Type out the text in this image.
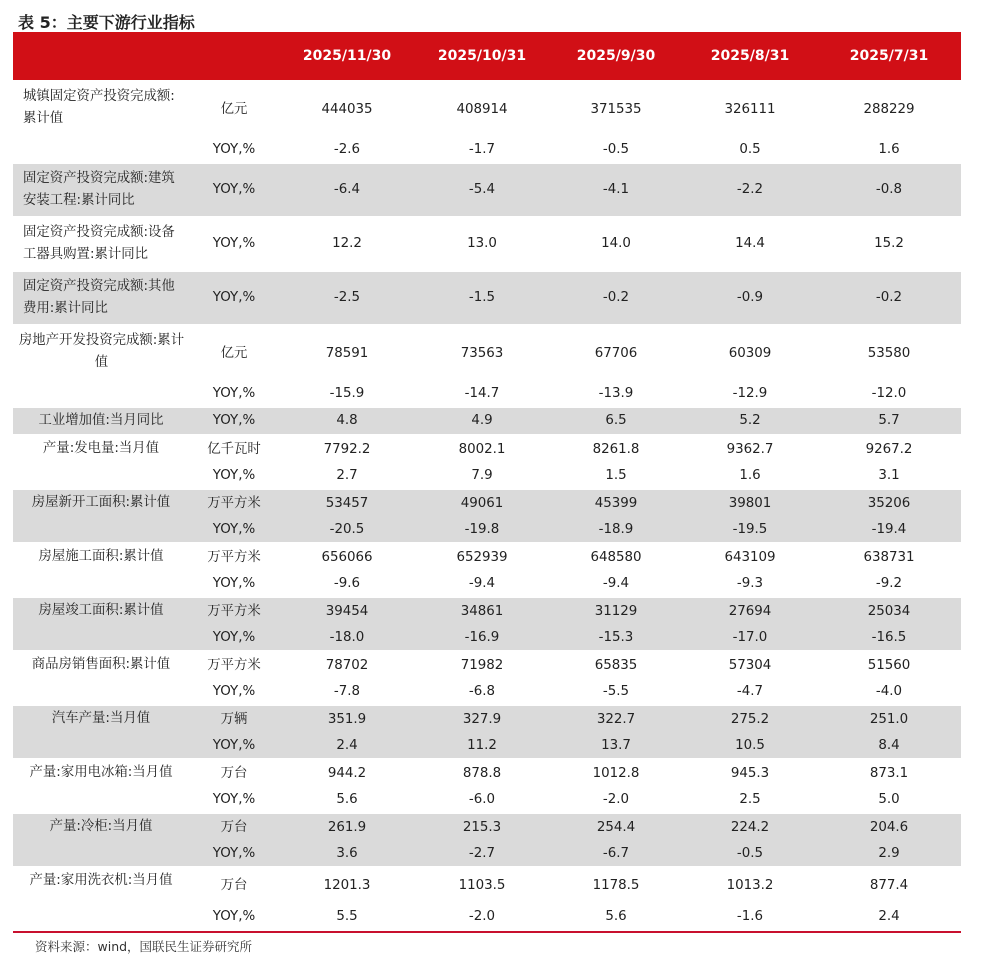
表 5：主要下游行业指标
		2025/11/30	2025/10/31	2025/9/30	2025/8/31	2025/7/31
城镇固定资产投资完成额:累计值	亿元	444035	408914	371535	326111	288229
	YOY,%	-2.6	-1.7	-0.5	0.5	1.6
固定资产投资完成额:建筑安装工程:累计同比	YOY,%	-6.4	-5.4	-4.1	-2.2	-0.8
固定资产投资完成额:设备工器具购置:累计同比	YOY,%	12.2	13.0	14.0	14.4	15.2
固定资产投资完成额:其他费用:累计同比	YOY,%	-2.5	-1.5	-0.2	-0.9	-0.2
房地产开发投资完成额:累计值	亿元	78591	73563	67706	60309	53580
	YOY,%	-15.9	-14.7	-13.9	-12.9	-12.0
工业增加值:当月同比	YOY,%	4.8	4.9	6.5	5.2	5.7
产量:发电量:当月值	亿千瓦时	7792.2	8002.1	8261.8	9362.7	9267.2
	YOY,%	2.7	7.9	1.5	1.6	3.1
房屋新开工面积:累计值	万平方米	53457	49061	45399	39801	35206
	YOY,%	-20.5	-19.8	-18.9	-19.5	-19.4
房屋施工面积:累计值	万平方米	656066	652939	648580	643109	638731
	YOY,%	-9.6	-9.4	-9.4	-9.3	-9.2
房屋竣工面积:累计值	万平方米	39454	34861	31129	27694	25034
	YOY,%	-18.0	-16.9	-15.3	-17.0	-16.5
商品房销售面积:累计值	万平方米	78702	71982	65835	57304	51560
	YOY,%	-7.8	-6.8	-5.5	-4.7	-4.0
汽车产量:当月值	万辆	351.9	327.9	322.7	275.2	251.0
	YOY,%	2.4	11.2	13.7	10.5	8.4
产量:家用电冰箱:当月值	万台	944.2	878.8	1012.8	945.3	873.1
	YOY,%	5.6	-6.0	-2.0	2.5	5.0
产量:冷柜:当月值	万台	261.9	215.3	254.4	224.2	204.6
	YOY,%	3.6	-2.7	-6.7	-0.5	2.9
产量:家用洗衣机:当月值	万台	1201.3	1103.5	1178.5	1013.2	877.4
	YOY,%	5.5	-2.0	5.6	-1.6	2.4
资料来源：wind，国联民生证券研究所
